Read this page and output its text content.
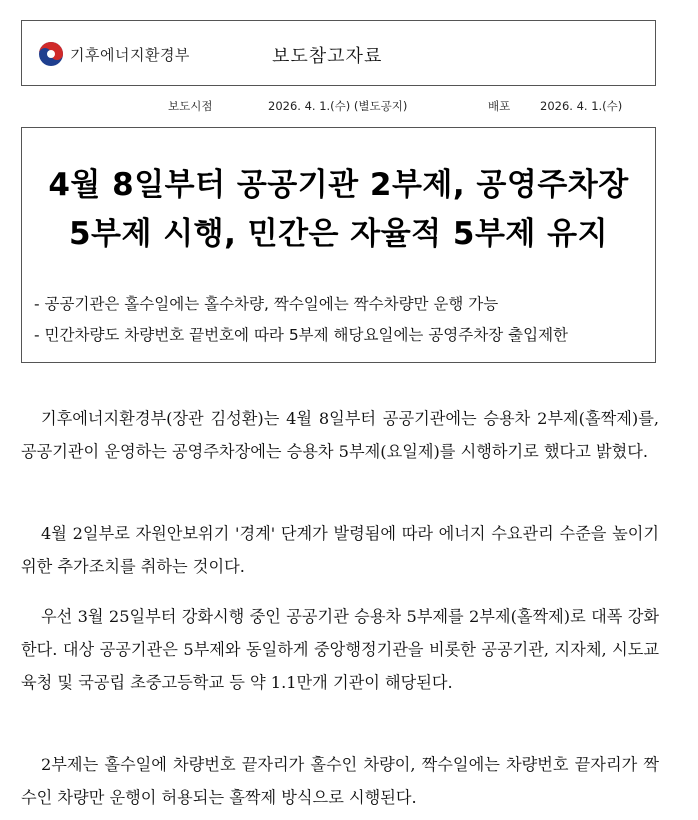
기후에너지환경부	보도참고자료
보도시점	2026. 4. 1.(수) (별도공지)	배포	2026. 4. 1.(수)
4월 8일부터 공공기관 2부제, 공영주차장
5부제 시행, 민간은 자율적 5부제 유지
- 공공기관은 홀수일에는 홀수차량, 짝수일에는 짝수차량만 운행 가능
- 민간차량도 차량번호 끝번호에 따라 5부제 해당요일에는 공영주차장 출입제한

기후에너지환경부(장관 김성환)는 4월 8일부터 공공기관에는 승용차 2부제(홀짝제)를, 공공기관이 운영하는 공영주차장에는 승용차 5부제(요일제)를 시행하기로 했다고 밝혔다.

4월 2일부로 자원안보위기 '경계' 단계가 발령됨에 따라 에너지 수요관리 수준을 높이기 위한 추가조치를 취하는 것이다.

우선 3월 25일부터 강화시행 중인 공공기관 승용차 5부제를 2부제(홀짝제)로 대폭 강화한다. 대상 공공기관은 5부제와 동일하게 중앙행정기관을 비롯한 공공기관, 지자체, 시도교육청 및 국공립 초중고등학교 등 약 1.1만개 기관이 해당된다.

2부제는 홀수일에 차량번호 끝자리가 홀수인 차량이, 짝수일에는 차량번호 끝자리가 짝수인 차량만 운행이 허용되는 홀짝제 방식으로 시행된다.
